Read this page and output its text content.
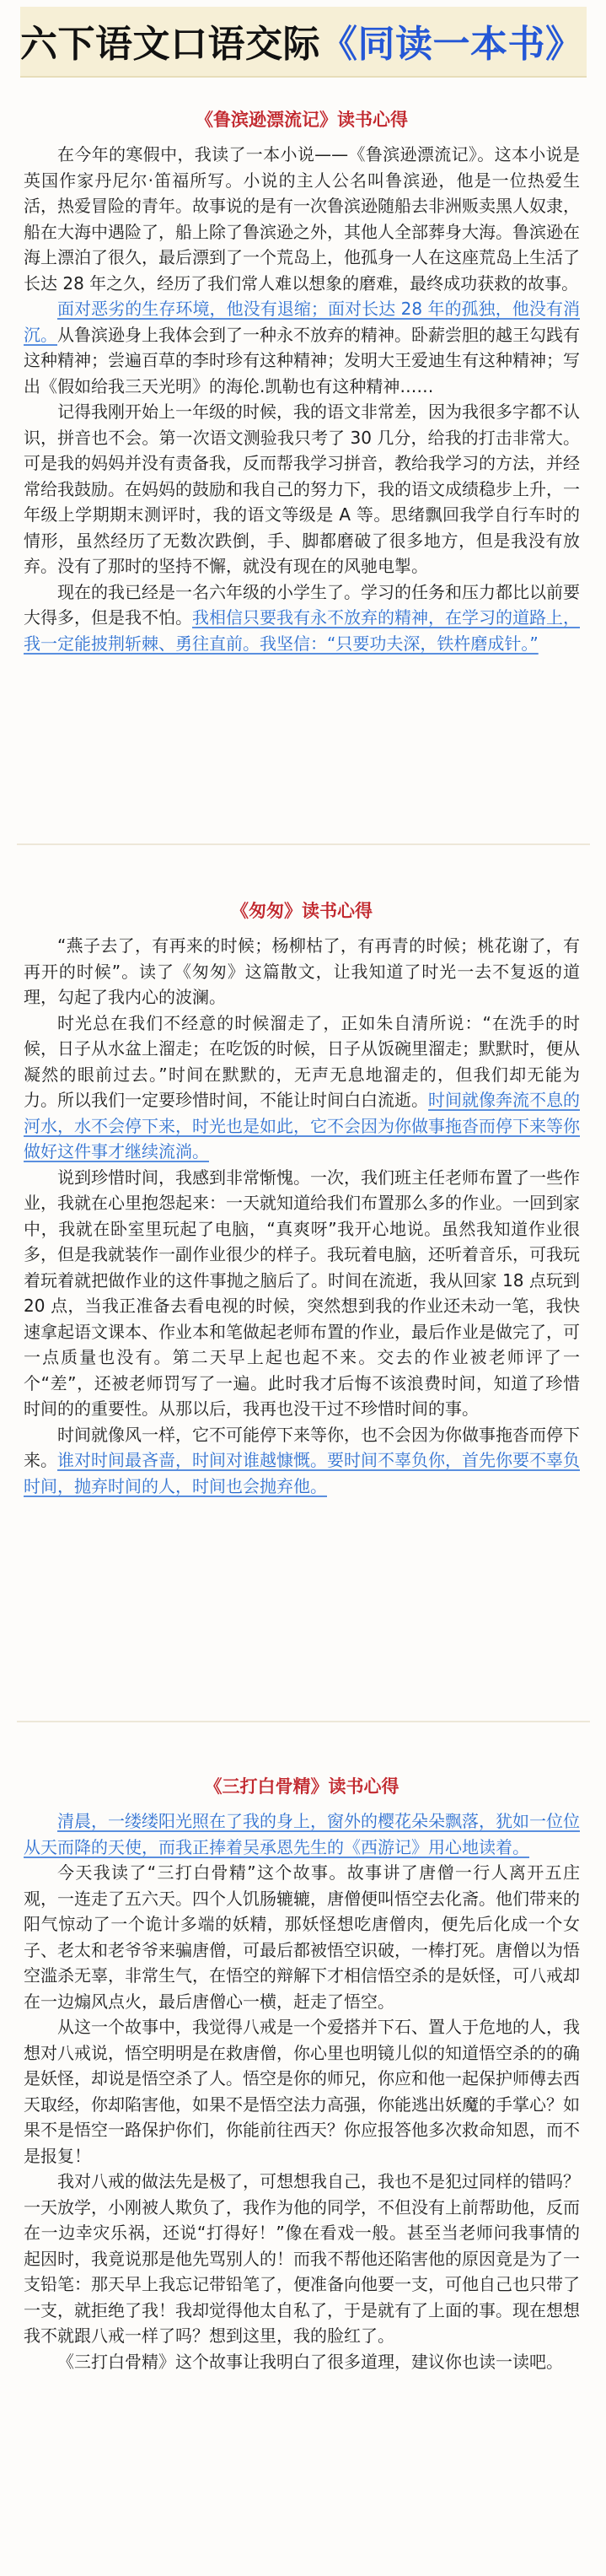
六下语文口语交际《同读一本书》
《鲁滨逊漂流记》读书心得

在今年的寒假中，我读了一本小说——《鲁滨逊漂流记》。这本小说是英国作家丹尼尔·笛福所写。小说的主人公名叫鲁滨逊，他是一位热爱生活，热爱冒险的青年。故事说的是有一次鲁滨逊随船去非洲贩卖黑人奴隶，船在大海中遇险了，船上除了鲁滨逊之外，其他人全部葬身大海。鲁滨逊在海上漂泊了很久，最后漂到了一个荒岛上，他孤身一人在这座荒岛上生活了长达 28 年之久，经历了我们常人难以想象的磨难，最终成功获救的故事。

面对恶劣的生存环境，他没有退缩；面对长达 28 年的孤独，他没有消沉。从鲁滨逊身上我体会到了一种永不放弃的精神。卧薪尝胆的越王勾践有这种精神；尝遍百草的李时珍有这种精神；发明大王爱迪生有这种精神；写出《假如给我三天光明》的海伦.凯勒也有这种精神……

记得我刚开始上一年级的时候，我的语文非常差，因为我很多字都不认识，拼音也不会。第一次语文测验我只考了 30 几分，给我的打击非常大。可是我的妈妈并没有责备我，反而帮我学习拼音，教给我学习的方法，并经常给我鼓励。在妈妈的鼓励和我自己的努力下，我的语文成绩稳步上升，一年级上学期期末测评时，我的语文等级是 A 等。思绪飘回我学自行车时的情形，虽然经历了无数次跌倒，手、脚都磨破了很多地方，但是我没有放弃。没有了那时的坚持不懈，就没有现在的风驰电掣。

现在的我已经是一名六年级的小学生了。学习的任务和压力都比以前要大得多，但是我不怕。我相信只要我有永不放弃的精神，在学习的道路上，我一定能披荆斩棘、勇往直前。我坚信：“只要功夫深，铁杵磨成针。”

《匆匆》读书心得

“燕子去了，有再来的时候；杨柳枯了，有再青的时候；桃花谢了，有再开的时候”。读了《匆匆》这篇散文，让我知道了时光一去不复返的道理，勾起了我内心的波澜。

时光总在我们不经意的时候溜走了，正如朱自清所说：“在洗手的时候，日子从水盆上溜走；在吃饭的时候，日子从饭碗里溜走；默默时，便从凝然的眼前过去。”时间在默默的，无声无息地溜走的，但我们却无能为力。所以我们一定要珍惜时间，不能让时间白白流逝。时间就像奔流不息的河水，水不会停下来，时光也是如此，它不会因为你做事拖沓而停下来等你做好这件事才继续流淌。

说到珍惜时间，我感到非常惭愧。一次，我们班主任老师布置了一些作业，我就在心里抱怨起来：一天就知道给我们布置那么多的作业。一回到家中，我就在卧室里玩起了电脑，“真爽呀”我开心地说。虽然我知道作业很多，但是我就装作一副作业很少的样子。我玩着电脑，还听着音乐，可我玩着玩着就把做作业的这件事抛之脑后了。时间在流逝，我从回家 18 点玩到 20 点，当我正准备去看电视的时候，突然想到我的作业还未动一笔，我快速拿起语文课本、作业本和笔做起老师布置的作业，最后作业是做完了，可一点质量也没有。第二天早上起也起不来。交去的作业被老师评了一个“差”，还被老师罚写了一遍。此时我才后悔不该浪费时间，知道了珍惜时间的的重要性。从那以后，我再也没干过不珍惜时间的事。

时间就像风一样，它不可能停下来等你，也不会因为你做事拖沓而停下来。谁对时间最吝啬，时间对谁越慷慨。要时间不辜负你，首先你要不辜负时间，抛弃时间的人，时间也会抛弃他。

《三打白骨精》读书心得

清晨，一缕缕阳光照在了我的身上，窗外的樱花朵朵飘落，犹如一位位从天而降的天使，而我正捧着吴承恩先生的《西游记》用心地读着。

今天我读了“三打白骨精”这个故事。故事讲了唐僧一行人离开五庄观，一连走了五六天。四个人饥肠辘辘，唐僧便叫悟空去化斋。他们带来的阳气惊动了一个诡计多端的妖精，那妖怪想吃唐僧肉，便先后化成一个女子、老太和老爷爷来骗唐僧，可最后都被悟空识破，一棒打死。唐僧以为悟空滥杀无辜，非常生气，在悟空的辩解下才相信悟空杀的是妖怪，可八戒却在一边煽风点火，最后唐僧心一横，赶走了悟空。

从这一个故事中，我觉得八戒是一个爱搭并下石、置人于危地的人，我想对八戒说，悟空明明是在救唐僧，你心里也明镜儿似的知道悟空杀的的确是妖怪，却说是悟空杀了人。悟空是你的师兄，你应和他一起保护师傅去西天取经，你却陷害他，如果不是悟空法力高强，你能逃出妖魔的手掌心？如果不是悟空一路保护你们，你能前往西天？你应报答他多次救命知恩，而不是报复！

我对八戒的做法先是极了，可想想我自己，我也不是犯过同样的错吗？一天放学，小刚被人欺负了，我作为他的同学，不但没有上前帮助他，反而在一边幸灾乐祸，还说“打得好！”像在看戏一般。甚至当老师问我事情的起因时，我竟说那是他先骂别人的！而我不帮他还陷害他的原因竟是为了一支铅笔：那天早上我忘记带铅笔了，便准备向他要一支，可他自己也只带了一支，就拒绝了我！我却觉得他太自私了，于是就有了上面的事。现在想想我不就跟八戒一样了吗？想到这里，我的脸红了。

《三打白骨精》这个故事让我明白了很多道理，建议你也读一读吧。
